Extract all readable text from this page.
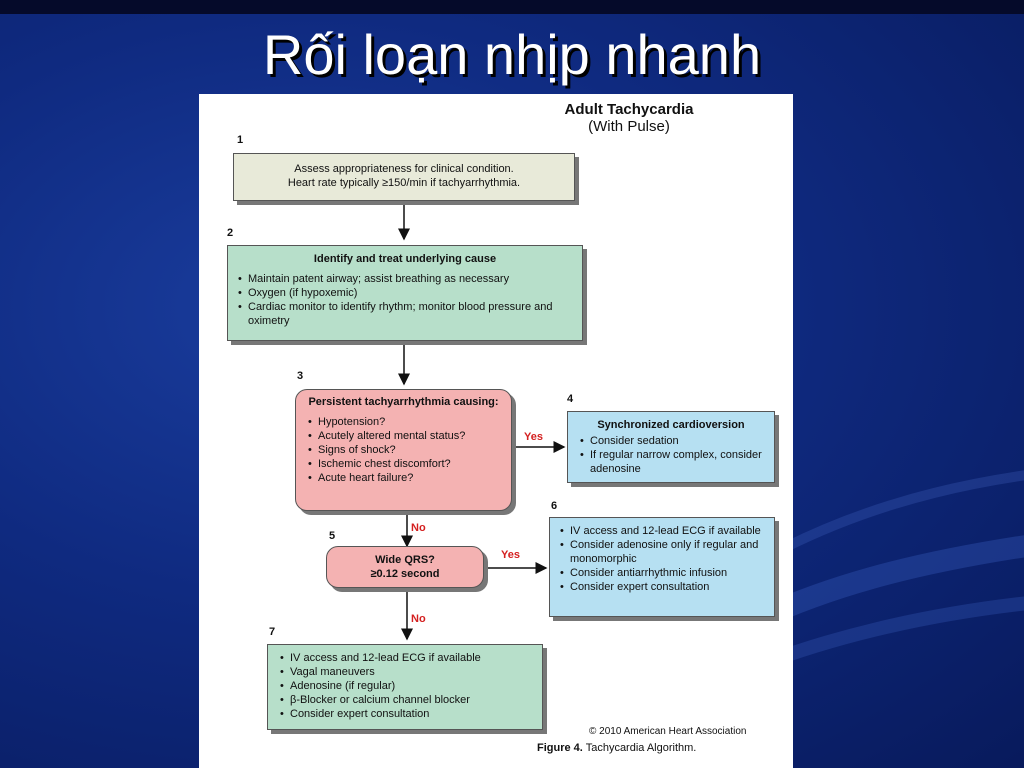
Rối loạn nhịp nhanh
Adult Tachycardia
(With Pulse)
1
Assess appropriateness for clinical condition.
Heart rate typically ≥150/min if tachyarrhythmia.
2
Identify and treat underlying cause
• Maintain patent airway; assist breathing as necessary
• Oxygen (if hypoxemic)
• Cardiac monitor to identify rhythm; monitor blood pressure and oximetry
3
Persistent tachyarrhythmia causing:
• Hypotension?
• Acutely altered mental status?
• Signs of shock?
• Ischemic chest discomfort?
• Acute heart failure?
Yes
4
Synchronized cardioversion
• Consider sedation
• If regular narrow complex, consider adenosine
No
5
Wide QRS?
≥0.12 second
Yes
6
• IV access and 12-lead ECG if available
• Consider adenosine only if regular and monomorphic
• Consider antiarrhythmic infusion
• Consider expert consultation
No
7
• IV access and 12-lead ECG if available
• Vagal maneuvers
• Adenosine (if regular)
• β-Blocker or calcium channel blocker
• Consider expert consultation
© 2010 American Heart Association
Figure 4. Tachycardia Algorithm.
